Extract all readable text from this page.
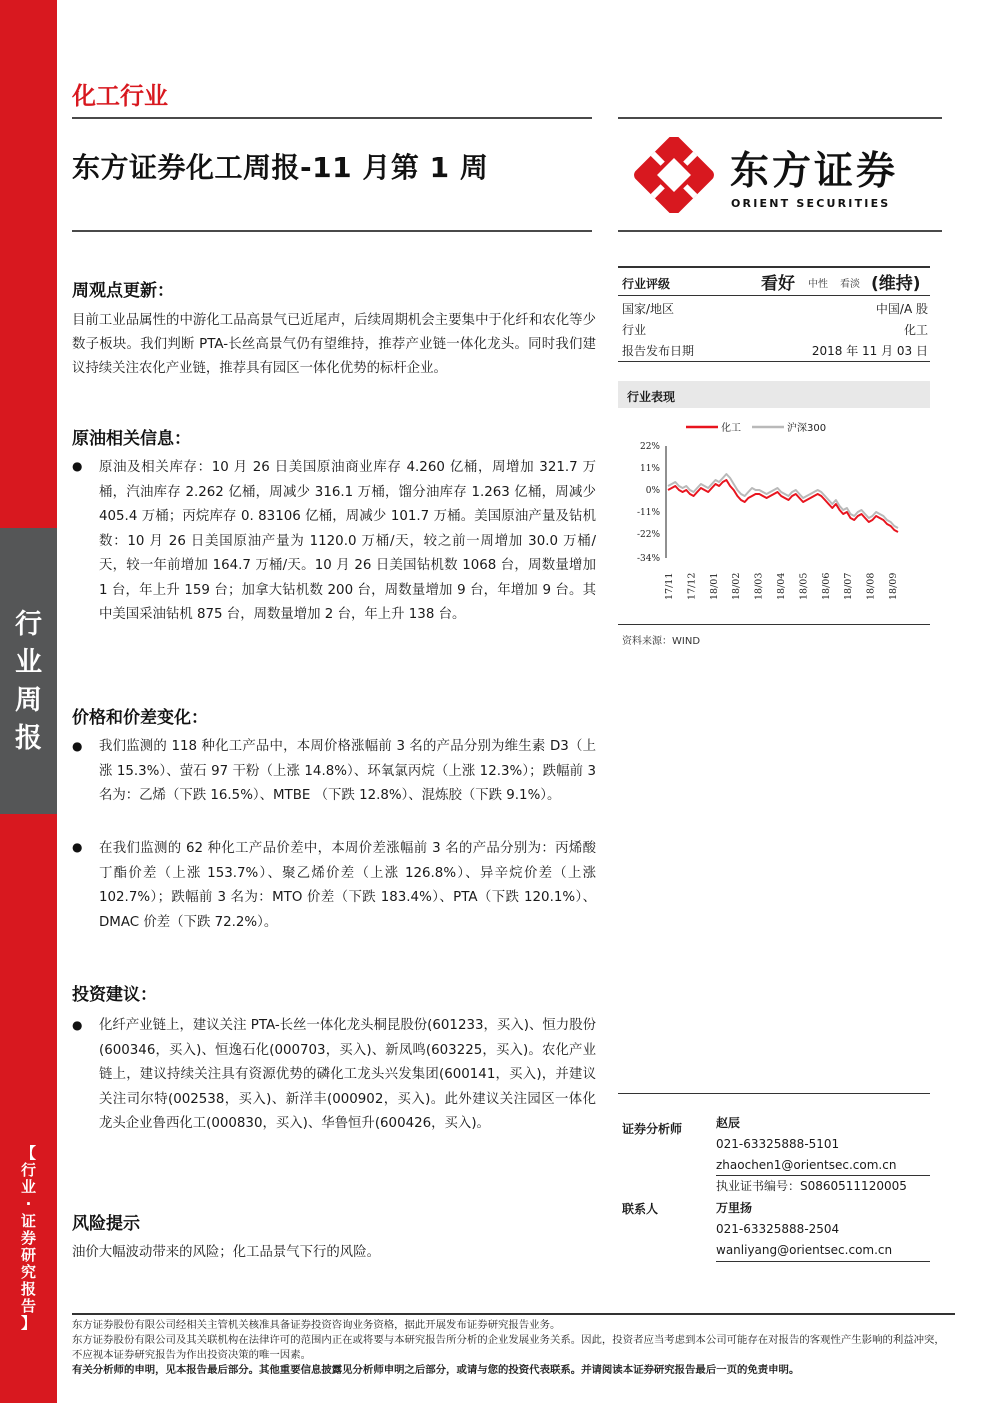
行
业
周
报
【
行
业
·
证
券
研
究
报
告
】
化工行业
东方证券化工周报-11 月第 1 周	东方证券
ORIENT SECURITIES
周观点更新：
目前工业品属性的中游化工品高景气已近尾声，后续周期机会主要集中于化纤和农化等少数子板块。我们判断 PTA-长丝高景气仍有望维持，推荐产业链一体化龙头。同时我们建议持续关注农化产业链，推荐具有园区一体化优势的标杆企业。
原油相关信息：
● 原油及相关库存：10 月 26 日美国原油商业库存 4.260 亿桶，周增加 321.7 万桶，汽油库存 2.262 亿桶，周减少 316.1 万桶，馏分油库存 1.263 亿桶，周减少 405.4 万桶；丙烷库存 0. 83106 亿桶，周减少 101.7 万桶。美国原油产量及钻机数：10 月 26 日美国原油产量为 1120.0 万桶/天，较之前一周增加 30.0 万桶/天，较一年前增加 164.7 万桶/天。10 月 26 日美国钻机数 1068 台，周数量增加 1 台，年上升 159 台；加拿大钻机数 200 台，周数量增加 9 台，年增加 9 台。其中美国采油钻机 875 台，周数量增加 2 台，年上升 138 台。
价格和价差变化：
● 我们监测的 118 种化工产品中，本周价格涨幅前 3 名的产品分别为维生素 D3（上涨 15.3%）、萤石 97 干粉（上涨 14.8%）、环氧氯丙烷（上涨 12.3%）；跌幅前 3 名为：乙烯（下跌 16.5%）、MTBE （下跌 12.8%）、混炼胶（下跌 9.1%）。
● 在我们监测的 62 种化工产品价差中，本周价差涨幅前 3 名的产品分别为：丙烯酸丁酯价差（上涨 153.7%）、聚乙烯价差（上涨 126.8%）、异辛烷价差（上涨 102.7%）；跌幅前 3 名为：MTO 价差（下跌 183.4%）、PTA（下跌 120.1%）、DMAC 价差（下跌 72.2%）。
投资建议：
● 化纤产业链上，建议关注 PTA-长丝一体化龙头桐昆股份(601233，买入)、恒力股份(600346，买入)、恒逸石化(000703，买入)、新凤鸣(603225，买入)。农化产业链上，建议持续关注具有资源优势的磷化工龙头兴发集团(600141，买入)，并建议关注司尔特(002538，买入)、新洋丰(000902，买入)。此外建议关注园区一体化龙头企业鲁西化工(000830，买入)、华鲁恒升(600426，买入)。
风险提示
油价大幅波动带来的风险；化工品景气下行的风险。
行业评级	看好 中性 看淡 (维持)
国家/地区	中国/A 股
行业	化工
报告发布日期	2018 年 11 月 03 日
行业表现
化工	沪深300
22%
11%
0%
-11%
-22%
-34%
17/11 17/12 18/01 18/02 18/03 18/04 18/05 18/06 18/07 18/08 18/09
资料来源：WIND
证券分析师	赵辰
021-63325888-5101
zhaochen1@orientsec.com.cn
执业证书编号：S0860511120005
联系人	万里扬
021-63325888-2504
wanliyang@orientsec.com.cn
东方证券股份有限公司经相关主管机关核准具备证券投资咨询业务资格，据此开展发布证券研究报告业务。
东方证券股份有限公司及其关联机构在法律许可的范围内正在或将要与本研究报告所分析的企业发展业务关系。因此，投资者应当考虑到本公司可能存在对报告的客观性产生影响的利益冲突，不应视本证券研究报告为作出投资决策的唯一因素。
有关分析师的申明，见本报告最后部分。其他重要信息披露见分析师申明之后部分，或请与您的投资代表联系。并请阅读本证券研究报告最后一页的免责申明。
